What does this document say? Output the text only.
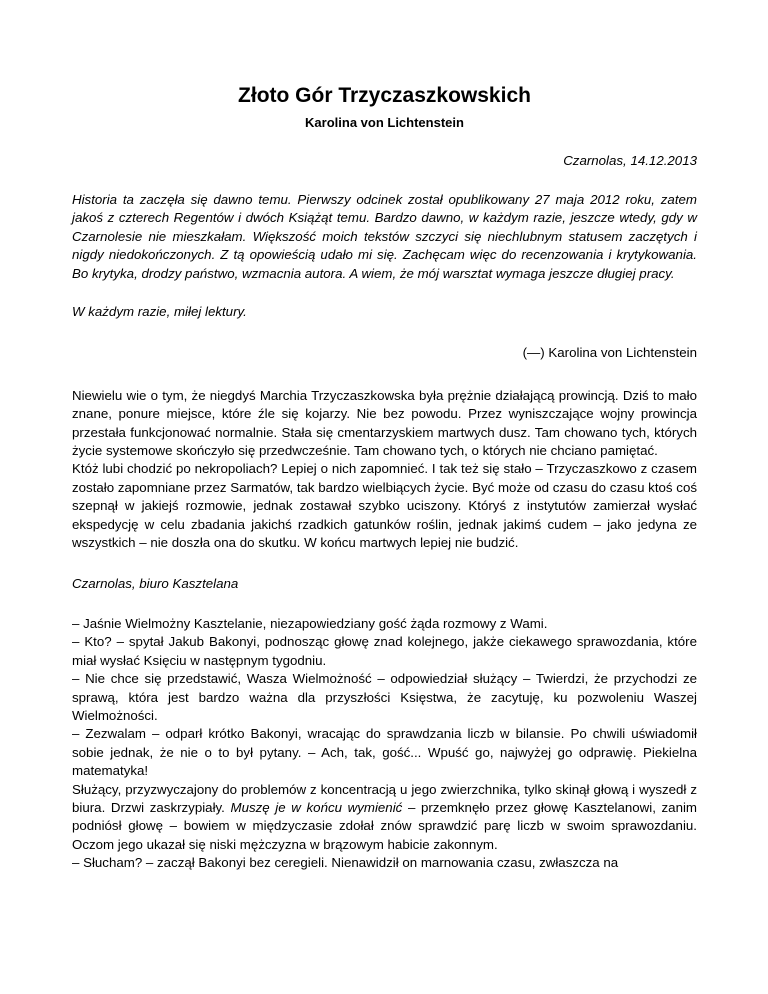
Złoto Gór Trzyczaszkowskich
Karolina von Lichtenstein
Czarnolas, 14.12.2013

Historia ta zaczęła się dawno temu. Pierwszy odcinek został opublikowany 27 maja 2012 roku, zatem jakoś z czterech Regentów i dwóch Książąt temu. Bardzo dawno, w każdym razie, jeszcze wtedy, gdy w Czarnolesie nie mieszkałam. Większość moich tekstów szczyci się niechlubnym statusem zaczętych i nigdy niedokończonych. Z tą opowieścią udało mi się. Zachęcam więc do recenzowania i krytykowania. Bo krytyka, drodzy państwo, wzmacnia autora. A wiem, że mój warsztat wymaga jeszcze długiej pracy.

W każdym razie, miłej lektury.

(—) Karolina von Lichtenstein

Niewielu wie o tym, że niegdyś Marchia Trzyczaszkowska była prężnie działającą prowincją. Dziś to mało znane, ponure miejsce, które źle się kojarzy. Nie bez powodu. Przez wyniszczające wojny prowincja przestała funkcjonować normalnie. Stała się cmentarzyskiem martwych dusz. Tam chowano tych, których życie systemowe skończyło się przedwcześnie. Tam chowano tych, o których nie chciano pamiętać.

Któż lubi chodzić po nekropoliach? Lepiej o nich zapomnieć. I tak też się stało – Trzyczaszkowo z czasem zostało zapomniane przez Sarmatów, tak bardzo wielbiących życie. Być może od czasu do czasu ktoś coś szepnął w jakiejś rozmowie, jednak zostawał szybko uciszony. Któryś z instytutów zamierzał wysłać ekspedycję w celu zbadania jakichś rzadkich gatunków roślin, jednak jakimś cudem – jako jedyna ze wszystkich – nie doszła ona do skutku. W końcu martwych lepiej nie budzić.

Czarnolas, biuro Kasztelana

– Jaśnie Wielmożny Kasztelanie, niezapowiedziany gość żąda rozmowy z Wami.

– Kto? – spytał Jakub Bakonyi, podnosząc głowę znad kolejnego, jakże ciekawego sprawozdania, które miał wysłać Księciu w następnym tygodniu.

– Nie chce się przedstawić, Wasza Wielmożność – odpowiedział służący – Twierdzi, że przychodzi ze sprawą, która jest bardzo ważna dla przyszłości Księstwa, że zacytuję, ku pozwoleniu Waszej Wielmożności.

– Zezwalam – odparł krótko Bakonyi, wracając do sprawdzania liczb w bilansie. Po chwili uświadomił sobie jednak, że nie o to był pytany. – Ach, tak, gość... Wpuść go, najwyżej go odprawię. Piekielna matematyka!

Służący, przyzwyczajony do problemów z koncentracją u jego zwierzchnika, tylko skinął głową i wyszedł z biura. Drzwi zaskrzypiały. Muszę je w końcu wymienić – przemknęło przez głowę Kasztelanowi, zanim podniósł głowę – bowiem w międzyczasie zdołał znów sprawdzić parę liczb w swoim sprawozdaniu. Oczom jego ukazał się niski mężczyzna w brązowym habicie zakonnym.

– Słucham? – zaczął Bakonyi bez ceregieli. Nienawidził on marnowania czasu, zwłaszcza na
